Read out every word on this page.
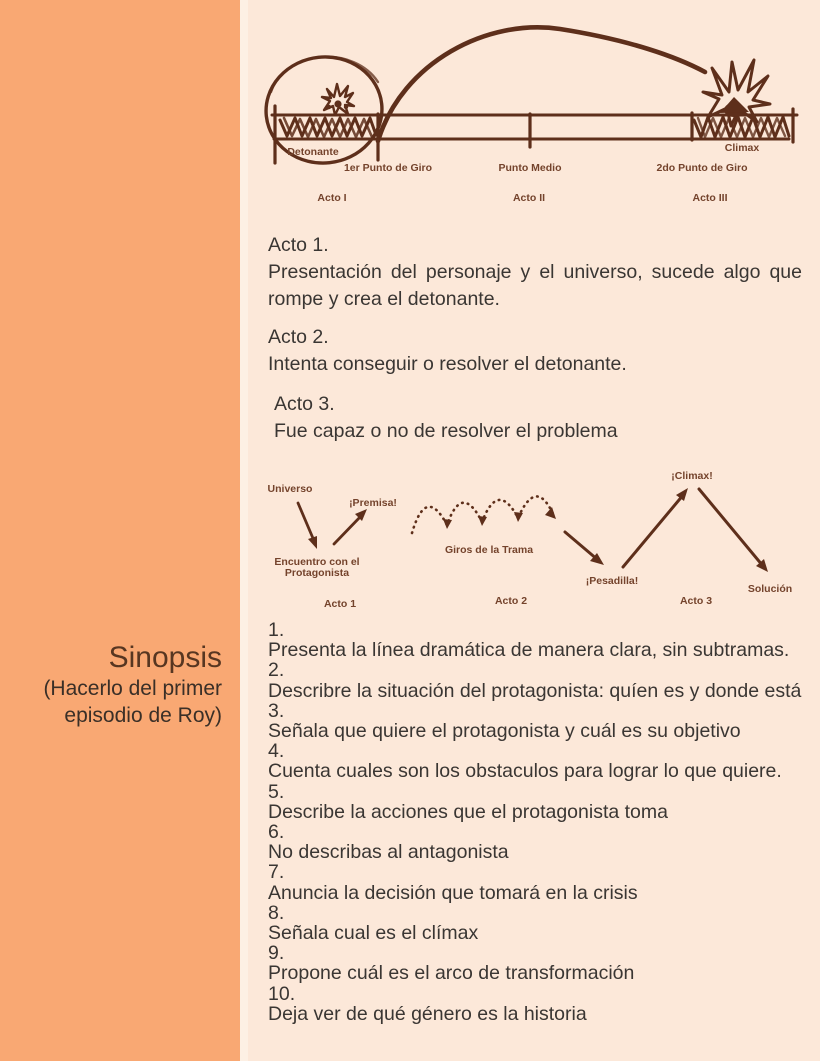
Sinopsis

(Hacerlo del primer

episodio de Roy)

Detonante
1er Punto de Giro	Punto Medio	2do Punto de Giro
Climax
Acto I	Acto II	Acto III
Acto 1.

Presentación del personaje y el universo, sucede algo que rompe y crea el detonante.

Acto 2.

Intenta conseguir o resolver el detonante.

Acto 3.

Fue capaz o no de resolver el problema

Universo
Encuentro con el
Protagonista
¡Premisa!
Acto 1
Giros de la Trama
¡Pesadilla!
Acto 2
¡Climax!
Solución
Acto 3
1.
Presenta la línea dramática de manera clara, sin subtramas.
2.
Describre la situación del protagonista: quíen es y donde está
3.
Señala que quiere el protagonista y cuál es su objetivo
4.
Cuenta cuales son los obstaculos para lograr lo que quiere.
5.
Describe la acciones que el protagonista toma
6.
No describas al antagonista
7.
Anuncia la decisión que tomará en la crisis
8.
Señala cual es el clímax
9.
Propone cuál es el arco de transformación
10.
Deja ver de qué género es la historia
